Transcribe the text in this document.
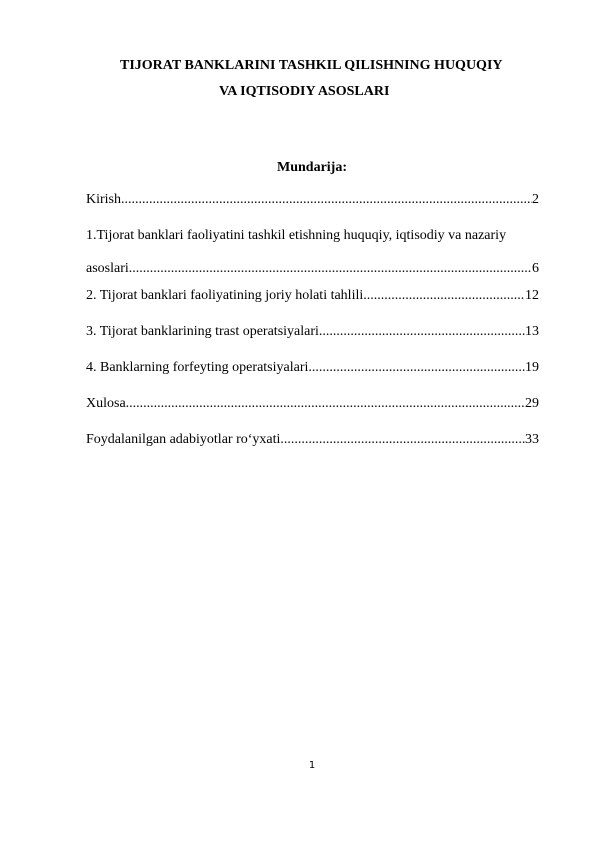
TIJORAT BANKLARINI TASHKIL QILISHNING HUQUQIY
VA IQTISODIY ASOSLARI
Mundarija:
Kirish .....	2
1.Tijorat banklari faoliyatini tashkil etishning huquqiy, iqtisodiy va nazariy
asoslari .....	6
2. Tijorat banklari faoliyatining joriy holati tahlili .....	12
3. Tijorat banklarining trast operatsiyalari .....	13
4. Banklarning forfeyting operatsiyalari .....	19
Xulosa .....	29
Foydalanilgan adabiyotlar ro‘yxati .....	33
1
